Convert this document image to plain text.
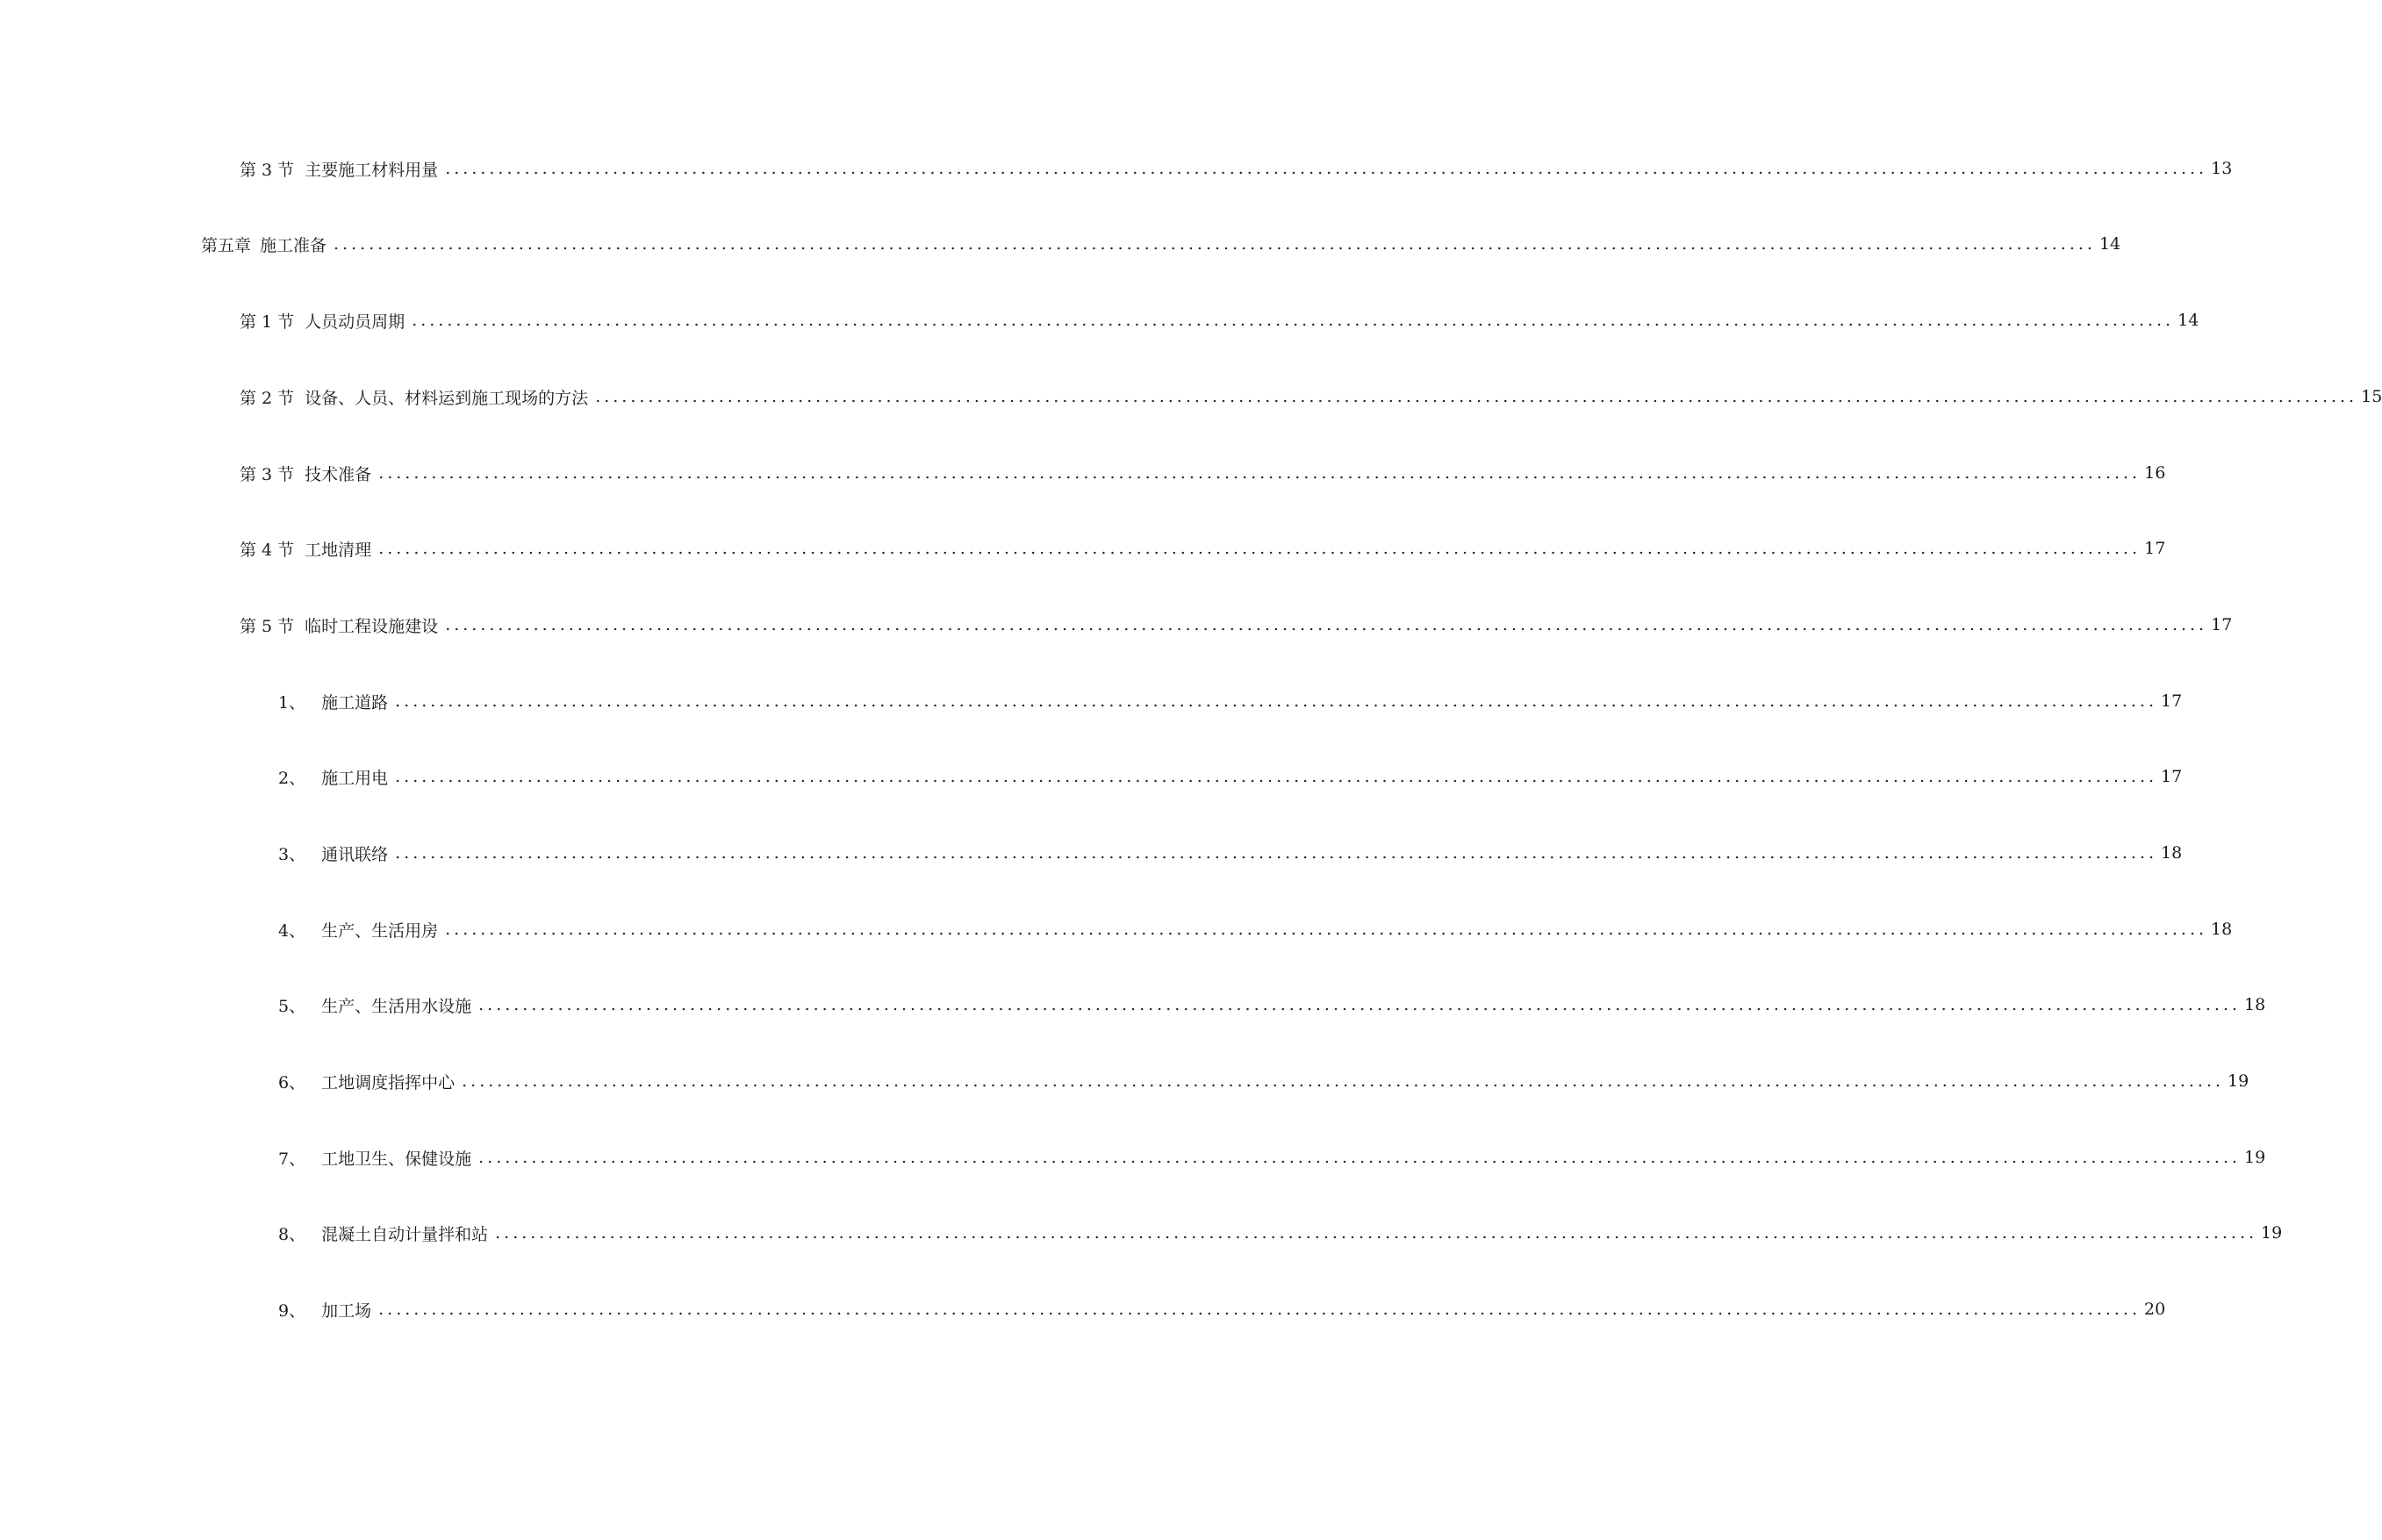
第 3 节 主要施工材料用量 ........................................................................................................................................................................................................ 13
第五章 施工准备 ........................................................................................................................................................................................................ 14
第 1 节 人员动员周期 ........................................................................................................................................................................................................ 14
第 2 节 设备、人员、材料运到施工现场的方法 ........................................................................................................................................................................................................ 15
第 3 节 技术准备 ........................................................................................................................................................................................................ 16
第 4 节 工地清理 ........................................................................................................................................................................................................ 17
第 5 节 临时工程设施建设 ........................................................................................................................................................................................................ 17
1、 施工道路 ........................................................................................................................................................................................................ 17
2、 施工用电 ........................................................................................................................................................................................................ 17
3、 通讯联络 ........................................................................................................................................................................................................ 18
4、 生产、生活用房 ........................................................................................................................................................................................................ 18
5、 生产、生活用水设施 ........................................................................................................................................................................................................ 18
6、 工地调度指挥中心 ........................................................................................................................................................................................................ 19
7、 工地卫生、保健设施 ........................................................................................................................................................................................................ 19
8、 混凝土自动计量拌和站 ........................................................................................................................................................................................................ 19
9、 加工场 ........................................................................................................................................................................................................ 20
